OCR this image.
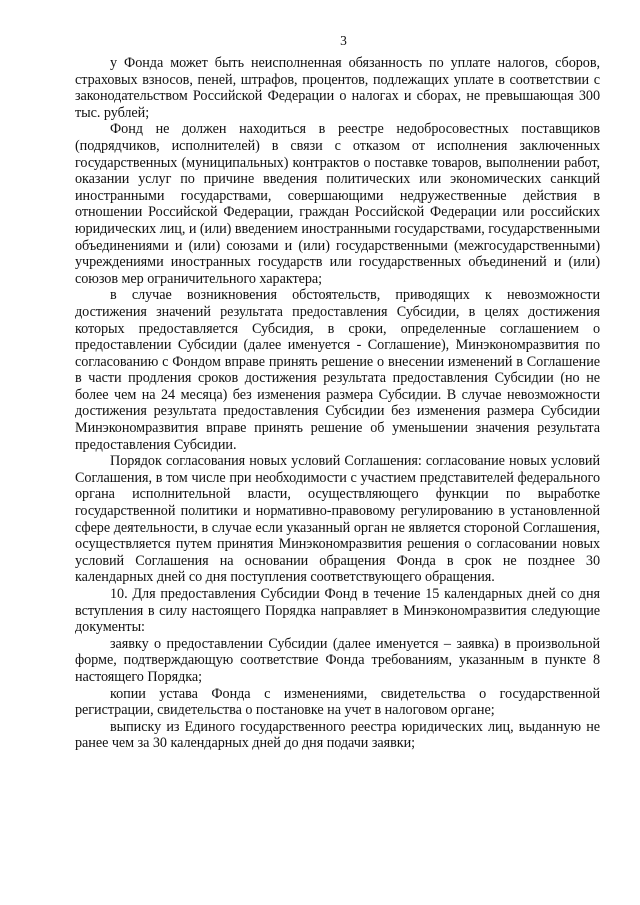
3

у Фонда может быть неисполненная обязанность по уплате налогов, сборов, страховых взносов, пеней, штрафов, процентов, подлежащих уплате в соответствии с законодательством Российской Федерации о налогах и сборах, не превышающая 300 тыс. рублей;

Фонд не должен находиться в реестре недобросовестных поставщиков (подрядчиков, исполнителей) в связи с отказом от исполнения заключенных государственных (муниципальных) контрактов о поставке товаров, выполнении работ, оказании услуг по причине введения политических или экономических санкций иностранными государствами, совершающими недружественные действия в отношении Российской Федерации, граждан Российской Федерации или российских юридических лиц, и (или) введением иностранными государствами, государственными объединениями и (или) союзами и (или) государственными (межгосударственными) учреждениями иностранных государств или государственных объединений и (или) союзов мер ограничительного характера;

в случае возникновения обстоятельств, приводящих к невозможности достижения значений результата предоставления Субсидии, в целях достижения которых предоставляется Субсидия, в сроки, определенные соглашением о предоставлении Субсидии (далее именуется - Соглашение), Минэкономразвития по согласованию с Фондом вправе принять решение о внесении изменений в Соглашение в части продления сроков достижения результата предоставления Субсидии (но не более чем на 24 месяца) без изменения размера Субсидии. В случае невозможности достижения результата предоставления Субсидии без изменения размера Субсидии Минэкономразвития вправе принять решение об уменьшении значения результата предоставления Субсидии.

Порядок согласования новых условий Соглашения: согласование новых условий Соглашения, в том числе при необходимости с участием представителей федерального органа исполнительной власти, осуществляющего функции по выработке государственной политики и нормативно-правовому регулированию в установленной сфере деятельности, в случае если указанный орган не является стороной Соглашения, осуществляется путем принятия Минэкономразвития решения о согласовании новых условий Соглашения на основании обращения Фонда в срок не позднее 30 календарных дней со дня поступления соответствующего обращения.

10. Для предоставления Субсидии Фонд в течение 15 календарных дней со дня вступления в силу настоящего Порядка направляет в Минэкономразвития следующие документы:

заявку о предоставлении Субсидии (далее именуется – заявка) в произвольной форме, подтверждающую соответствие Фонда требованиям, указанным в пункте 8 настоящего Порядка;

копии устава Фонда с изменениями, свидетельства о государственной регистрации, свидетельства о постановке на учет в налоговом органе;

выписку из Единого государственного реестра юридических лиц, выданную не ранее чем за 30 календарных дней до дня подачи заявки;
